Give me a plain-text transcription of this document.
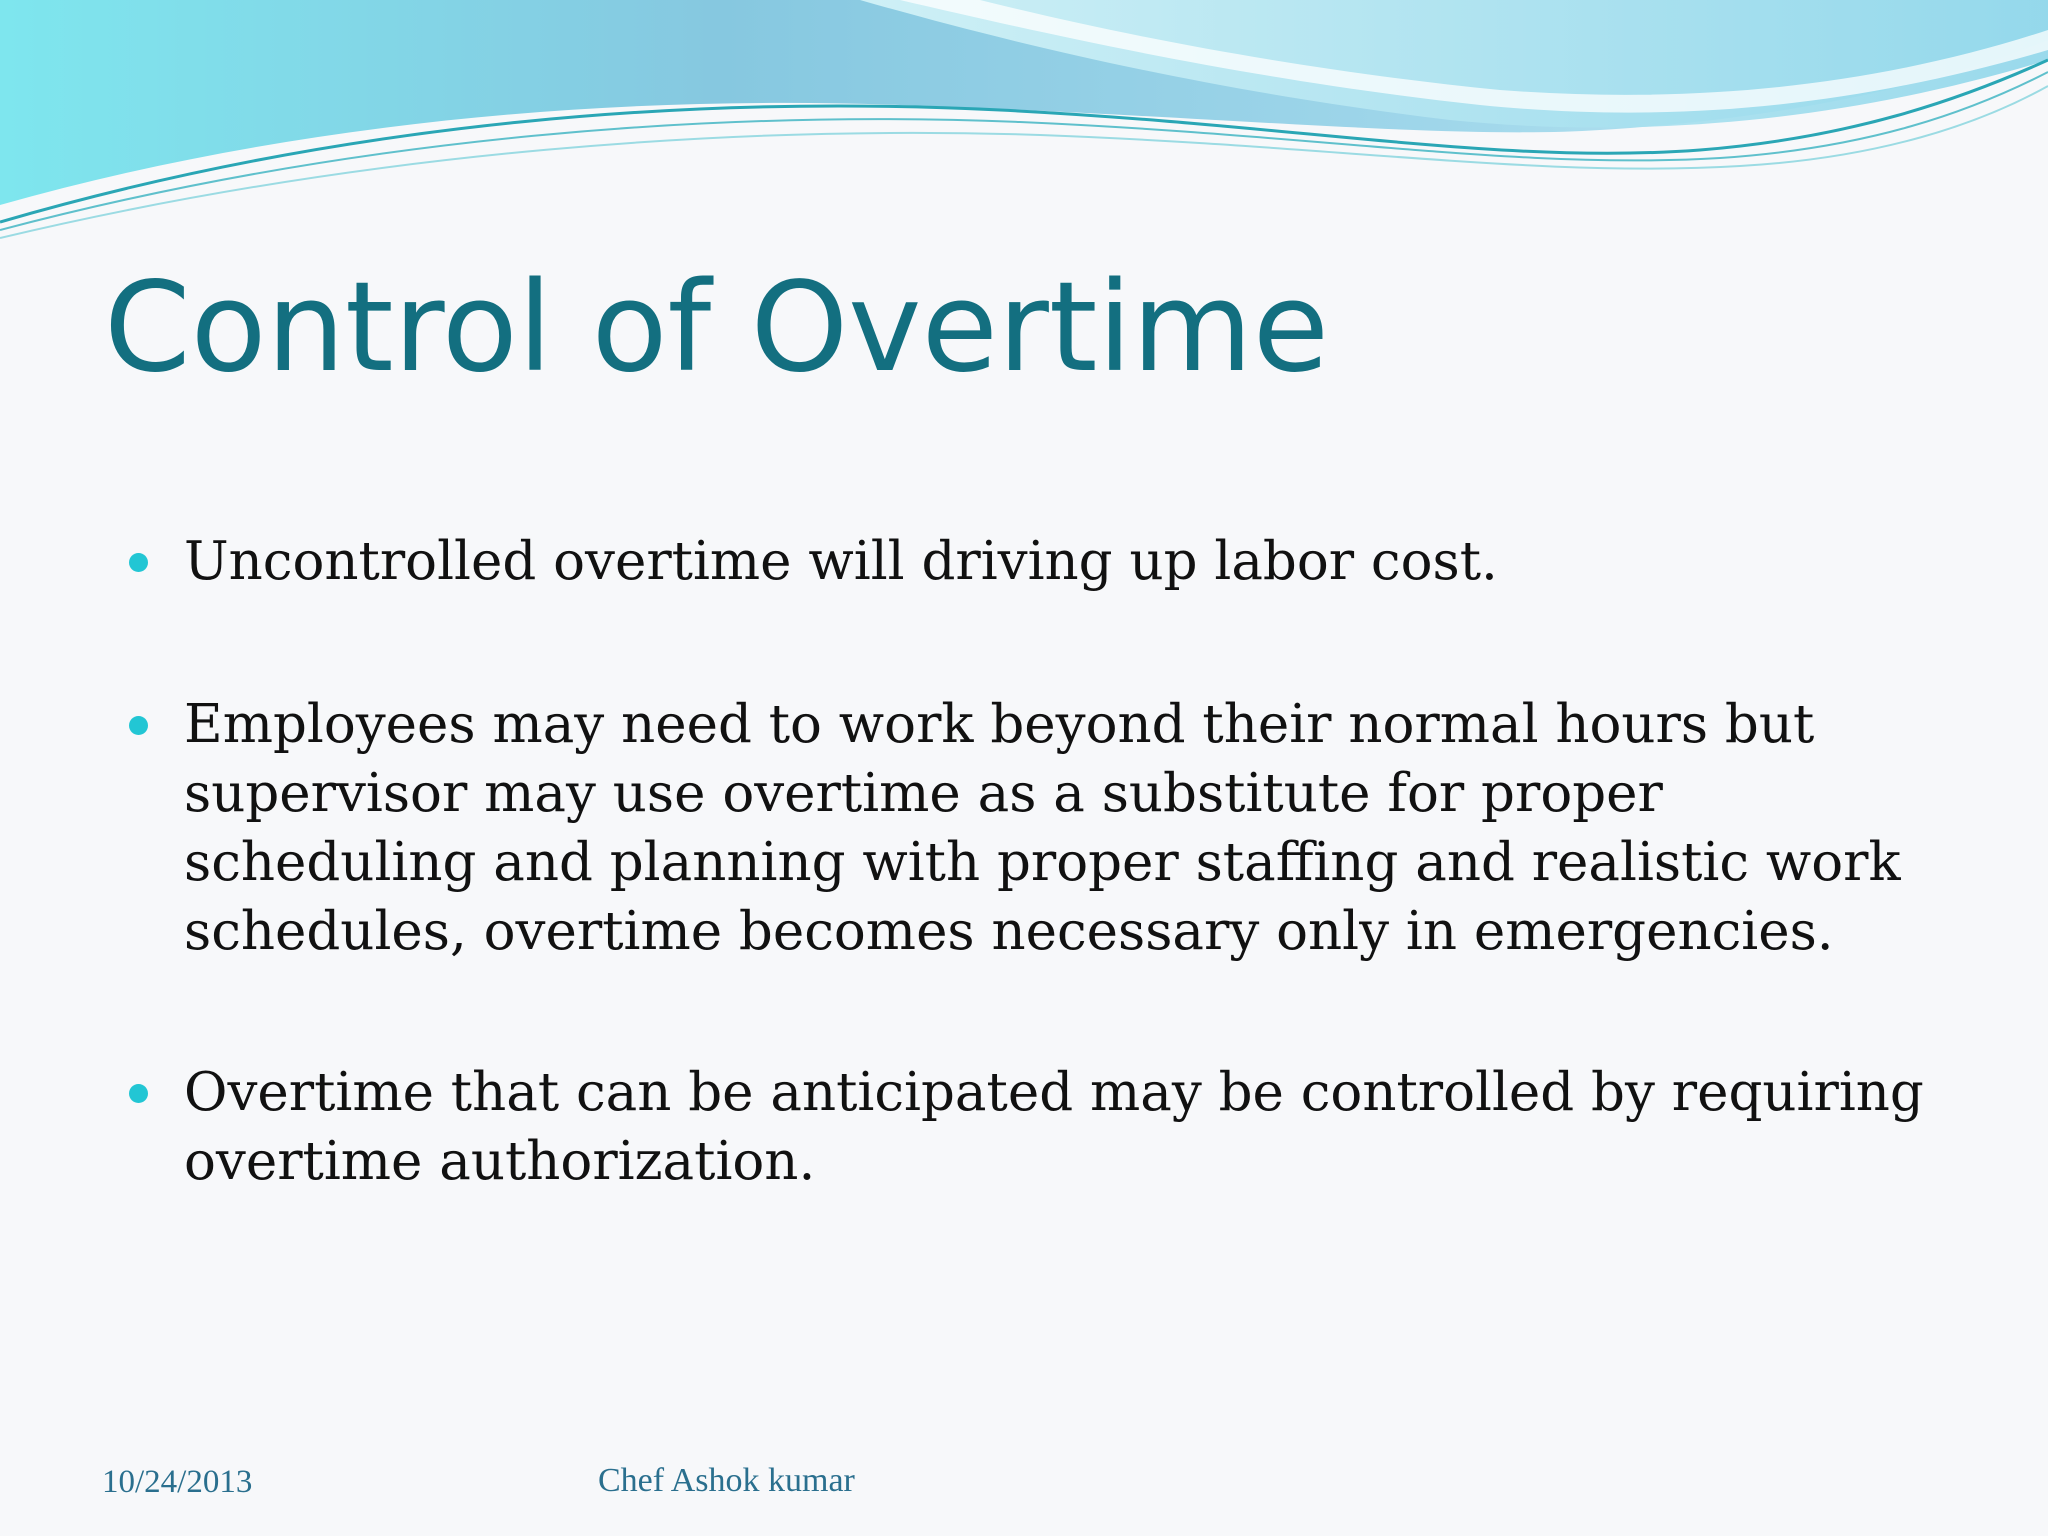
Control of Overtime
Uncontrolled overtime will driving up labor cost.
Employees may need to work beyond their normal hours but supervisor may use overtime as a substitute for proper scheduling and planning with proper staffing and realistic work schedules, overtime becomes necessary only in emergencies.
Overtime that can be anticipated may be controlled by requiring overtime authorization.
10/24/2013	Chef Ashok kumar
